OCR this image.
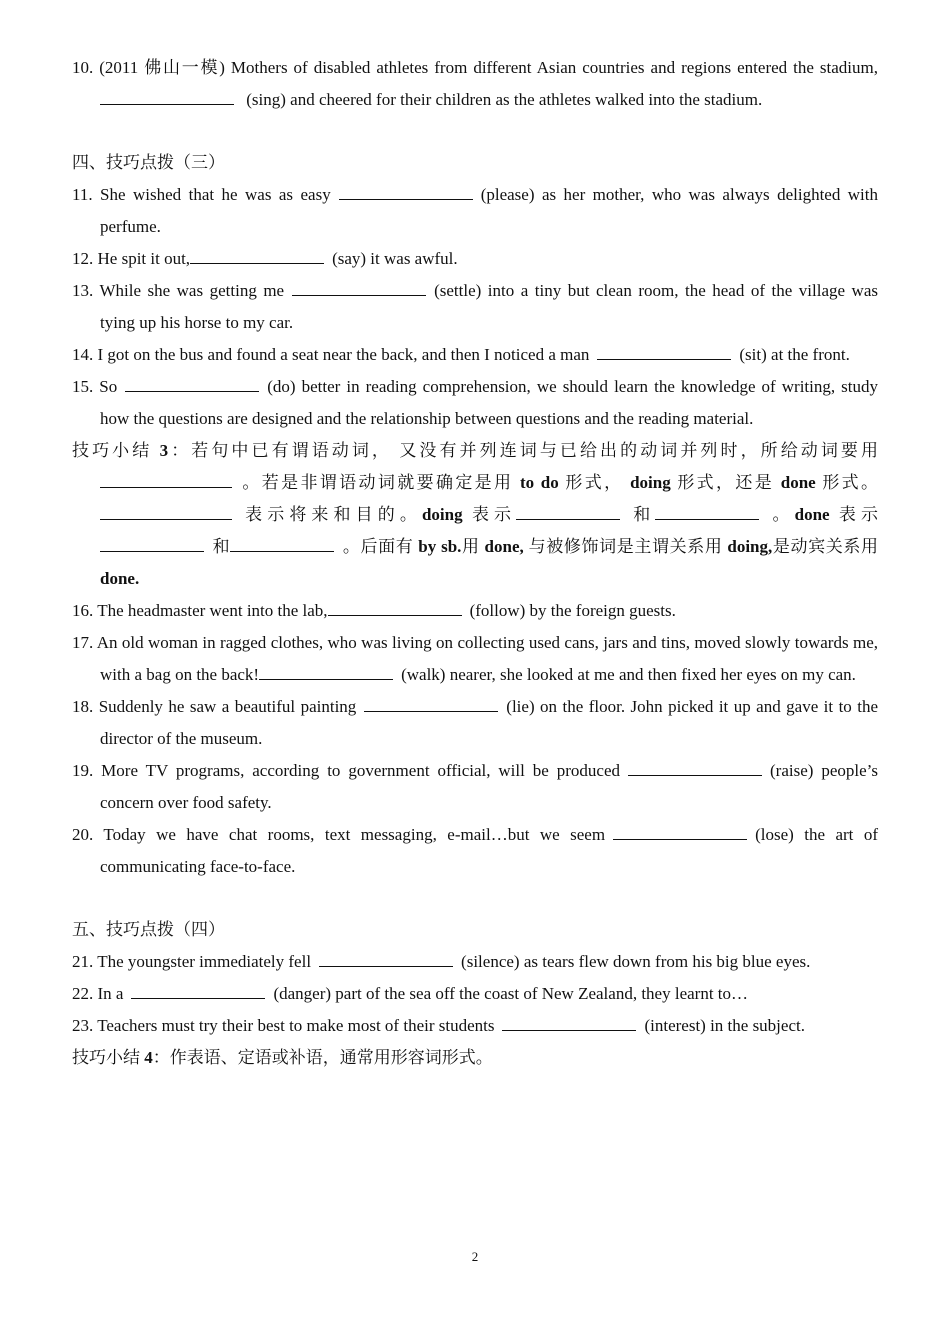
10. (2011 佛山一模) Mothers of disabled athletes from different Asian countries and regions entered the stadium, (sing) and cheered for their children as the athletes walked into the stadium.

四、技巧点拨（三）

11. She wished that he was as easy	(please) as her mother, who was always delighted with perfume.

12. He spit it out,	(say) it was awful.

13. While she was getting me	(settle) into a tiny but clean room, the head of the village was tying up his horse to my car.

14. I got on the bus and found a seat near the back, and then I noticed a man	(sit) at the front.

15. So	(do) better in reading comprehension, we should learn the knowledge of writing, study how the questions are designed and the relationship between questions and the reading material.

技巧小结 3：若句中已有谓语动词， 又没有并列连词与已给出的动词并列时，所给动词要用。若是非谓语动词就要确定是用 to do 形式， doing 形式，还是 done 形式。表示将来和目的。doing 表示	和	。done 表示和	。后面有 by sb.用 done, 与被修饰词是主谓关系用 doing,是动宾关系用 done.

16. The headmaster went into the lab,	(follow) by the foreign guests.

17. An old woman in ragged clothes, who was living on collecting used cans, jars and tins, moved slowly towards me, with a bag on the back!	(walk) nearer, she looked at me and then fixed her eyes on my can.

18. Suddenly he saw a beautiful painting	(lie) on the floor. John picked it up and gave it to the director of the museum.

19. More TV programs, according to government official, will be produced	(raise) people’s concern over food safety.

20. Today we have chat rooms, text messaging, e-mail…but we seem	(lose) the art of communicating face-to-face.

五、技巧点拨（四）

21. The youngster immediately fell	(silence) as tears flew down from his big blue eyes.

22. In a	(danger) part of the sea off the coast of New Zealand, they learnt to…

23. Teachers must try their best to make most of their students	(interest) in the subject.

技巧小结 4：作表语、定语或补语，通常用形容词形式。

2
